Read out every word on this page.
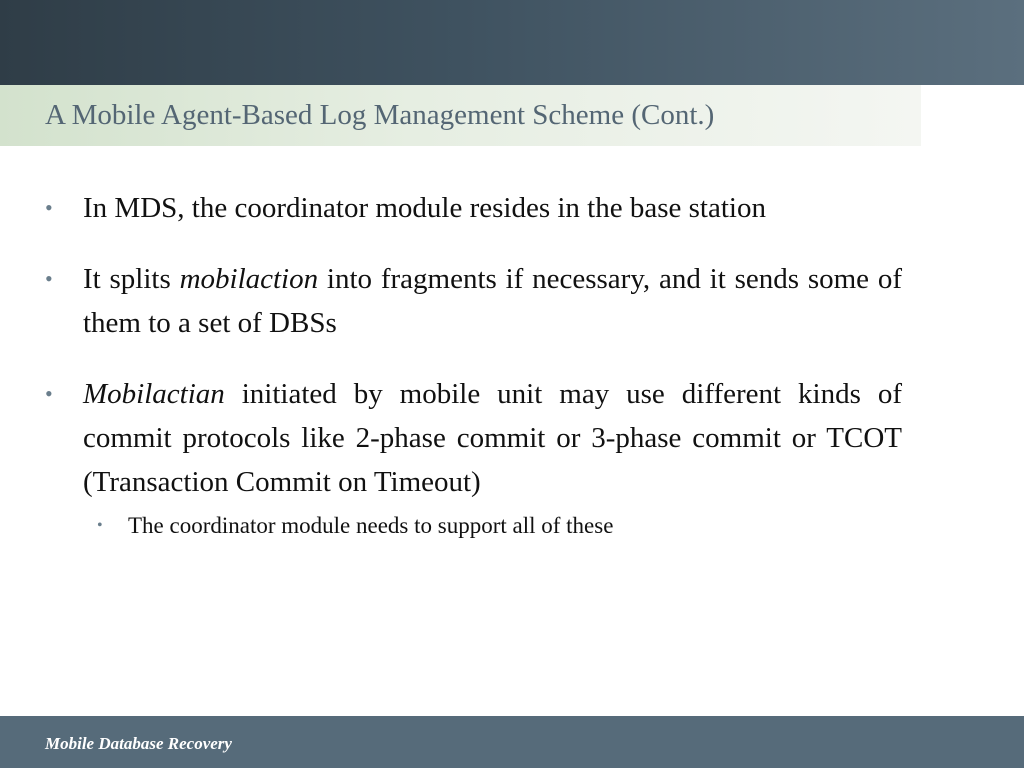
A Mobile Agent-Based Log Management Scheme (Cont.)
• In MDS, the coordinator module resides in the base station
• It splits mobilaction into fragments if necessary, and it sends some of them to a set of DBSs
• Mobilactian initiated by mobile unit may use different kinds of commit protocols like 2-phase commit or 3-phase commit or TCOT (Transaction Commit on Timeout)
• The coordinator module needs to support all of these
Mobile Database Recovery
